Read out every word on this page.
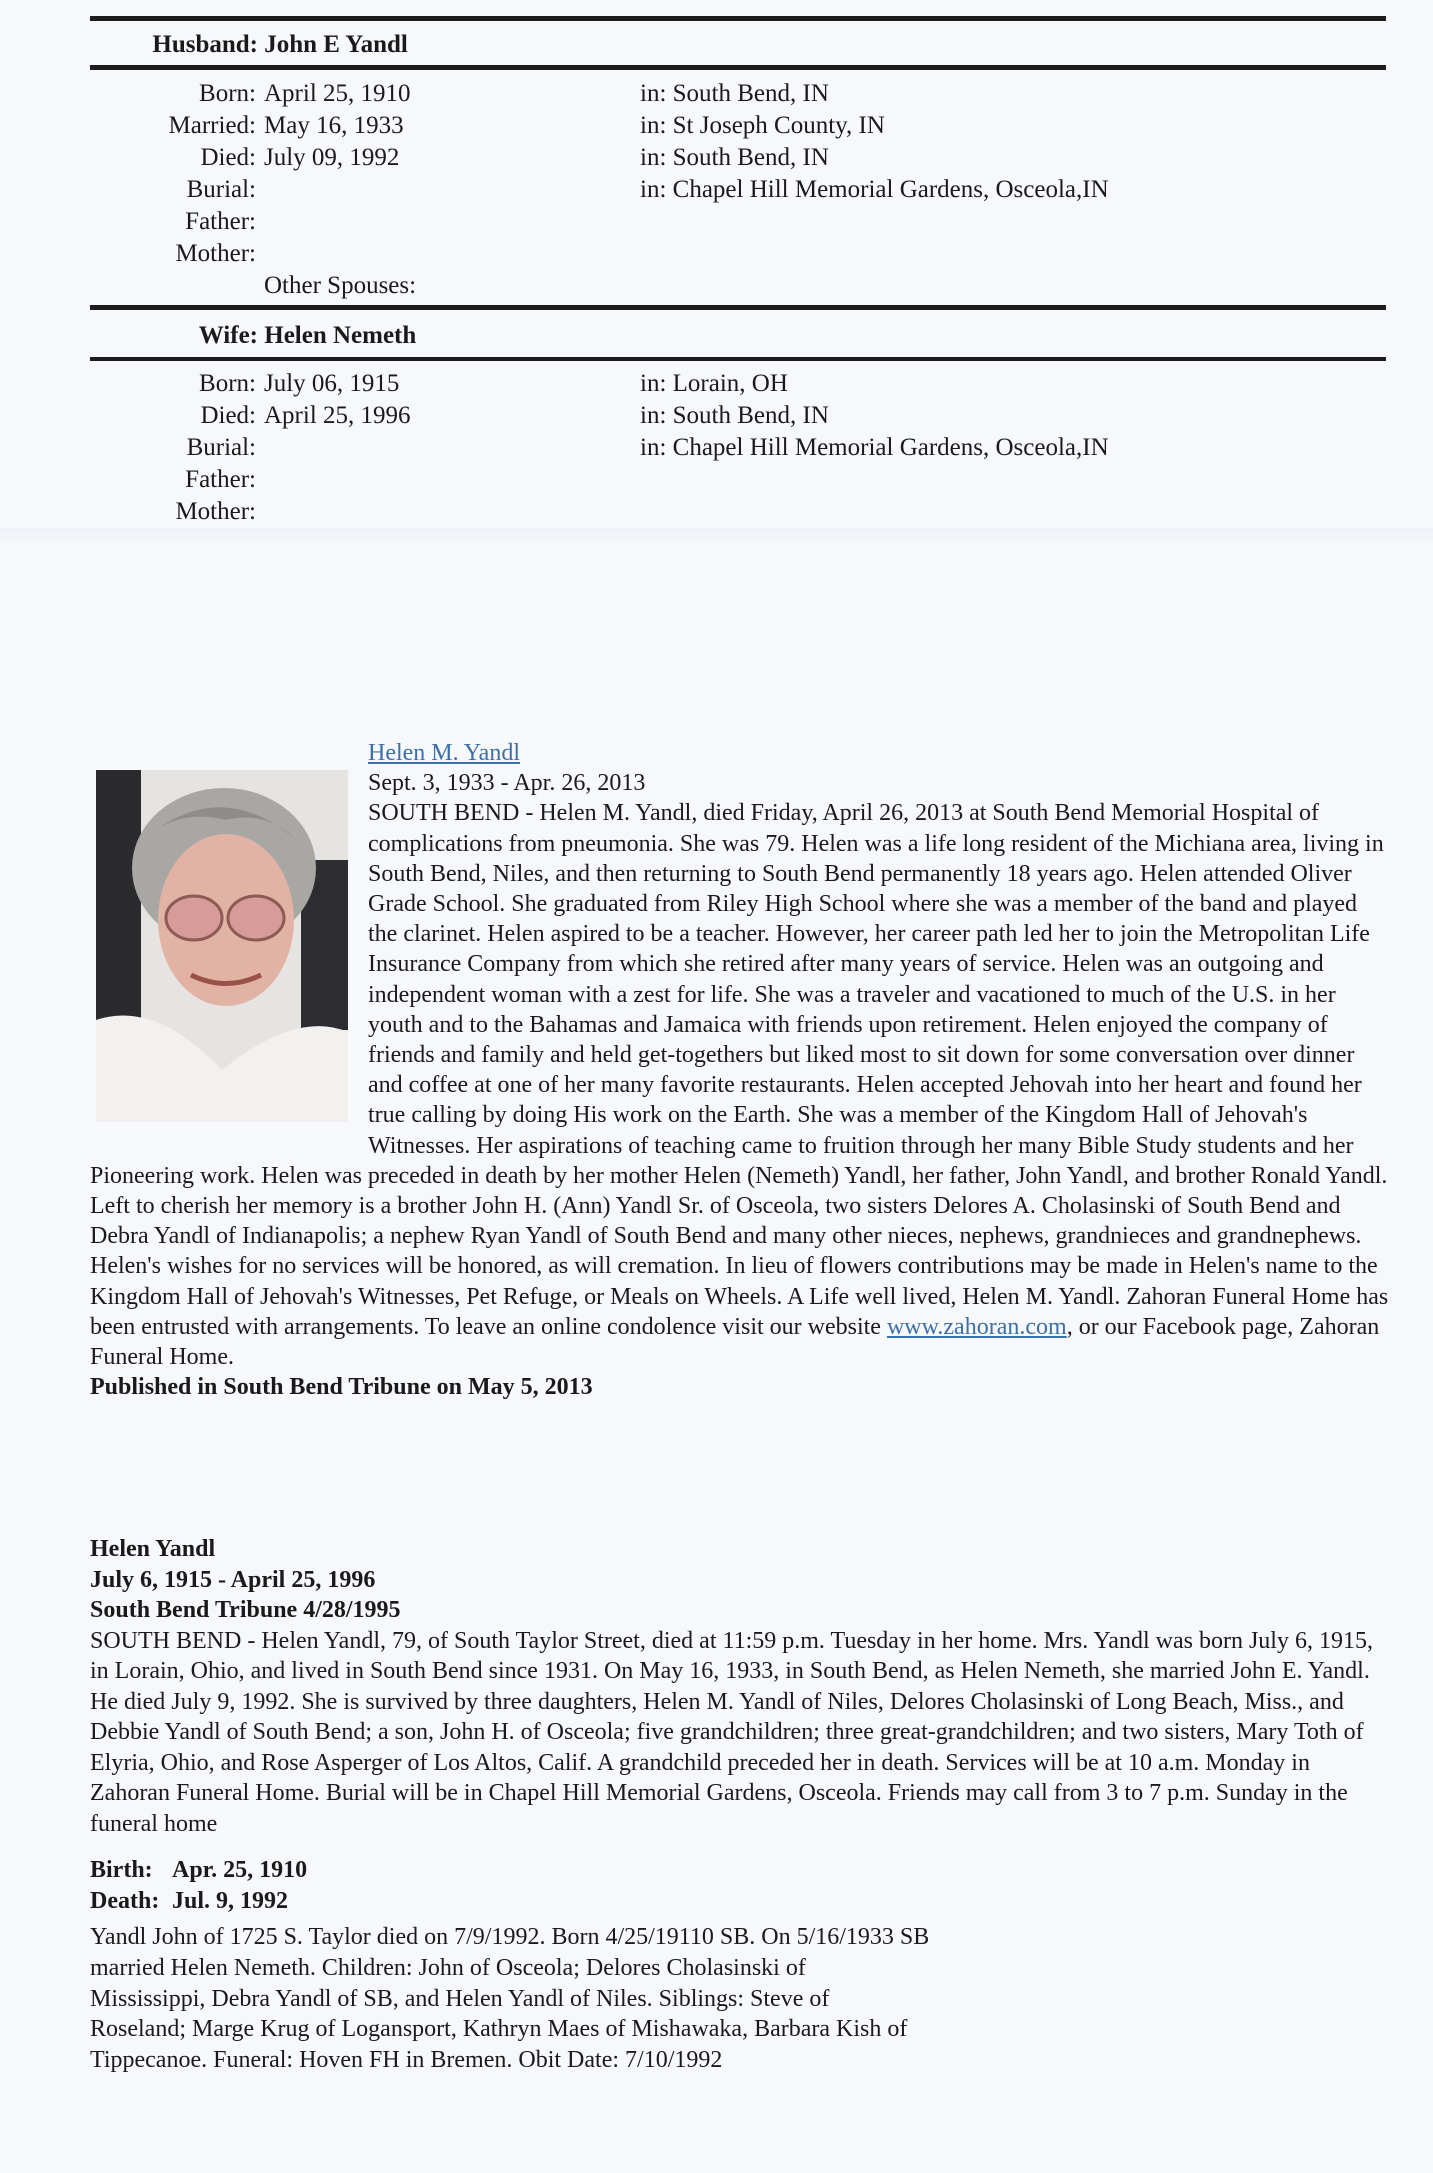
Husband: John E Yandl
Born: April 25, 1910	in: South Bend, IN
Married: May 16, 1933	in: St Joseph County, IN
Died: July 09, 1992	in: South Bend, IN
Burial:	in: Chapel Hill Memorial Gardens, Osceola,IN
Father:
Mother:
Other Spouses:
Wife: Helen Nemeth
Born: July 06, 1915	in: Lorain, OH
Died: April 25, 1996	in: South Bend, IN
Burial:	in: Chapel Hill Memorial Gardens, Osceola,IN
Father:
Mother:
Helen M. Yandl
Sept. 3, 1933 - Apr. 26, 2013
SOUTH BEND - Helen M. Yandl, died Friday, April 26, 2013 at South Bend Memorial Hospital of complications from pneumonia. She was 79. Helen was a life long resident of the Michiana area, living in South Bend, Niles, and then returning to South Bend permanently 18 years ago. Helen attended Oliver Grade School. She graduated from Riley High School where she was a member of the band and played the clarinet. Helen aspired to be a teacher. However, her career path led her to join the Metropolitan Life Insurance Company from which she retired after many years of service. Helen was an outgoing and independent woman with a zest for life. She was a traveler and vacationed to much of the U.S. in her youth and to the Bahamas and Jamaica with friends upon retirement. Helen enjoyed the company of friends and family and held get-togethers but liked most to sit down for some conversation over dinner and coffee at one of her many favorite restaurants. Helen accepted Jehovah into her heart and found her true calling by doing His work on the Earth. She was a member of the Kingdom Hall of Jehovah's Witnesses. Her aspirations of teaching came to fruition through her many Bible Study students and her Pioneering work. Helen was preceded in death by her mother Helen (Nemeth) Yandl, her father, John Yandl, and brother Ronald Yandl. Left to cherish her memory is a brother John H. (Ann) Yandl Sr. of Osceola, two sisters Delores A. Cholasinski of South Bend and Debra Yandl of Indianapolis; a nephew Ryan Yandl of South Bend and many other nieces, nephews, grandnieces and grandnephews. Helen's wishes for no services will be honored, as will cremation. In lieu of flowers contributions may be made in Helen's name to the Kingdom Hall of Jehovah's Witnesses, Pet Refuge, or Meals on Wheels. A Life well lived, Helen M. Yandl. Zahoran Funeral Home has been entrusted with arrangements. To leave an online condolence visit our website www.zahoran.com, or our Facebook page, Zahoran Funeral Home.
Published in South Bend Tribune on May 5, 2013
Helen Yandl
July 6, 1915 - April 25, 1996
South Bend Tribune 4/28/1995
SOUTH BEND - Helen Yandl, 79, of South Taylor Street, died at 11:59 p.m. Tuesday in her home. Mrs. Yandl was born July 6, 1915, in Lorain, Ohio, and lived in South Bend since 1931. On May 16, 1933, in South Bend, as Helen Nemeth, she married John E. Yandl. He died July 9, 1992. She is survived by three daughters, Helen M. Yandl of Niles, Delores Cholasinski of Long Beach, Miss., and Debbie Yandl of South Bend; a son, John H. of Osceola; five grandchildren; three great-grandchildren; and two sisters, Mary Toth of Elyria, Ohio, and Rose Asperger of Los Altos, Calif. A grandchild preceded her in death. Services will be at 10 a.m. Monday in Zahoran Funeral Home. Burial will be in Chapel Hill Memorial Gardens, Osceola. Friends may call from 3 to 7 p.m. Sunday in the funeral home
Birth: Apr. 25, 1910
Death: Jul. 9, 1992
Yandl John of 1725 S. Taylor died on 7/9/1992. Born 4/25/19110 SB. On 5/16/1933 SB
married Helen Nemeth. Children: John of Osceola; Delores Cholasinski of
Mississippi, Debra Yandl of SB, and Helen Yandl of Niles. Siblings: Steve of
Roseland; Marge Krug of Logansport, Kathryn Maes of Mishawaka, Barbara Kish of
Tippecanoe. Funeral: Hoven FH in Bremen. Obit Date: 7/10/1992
